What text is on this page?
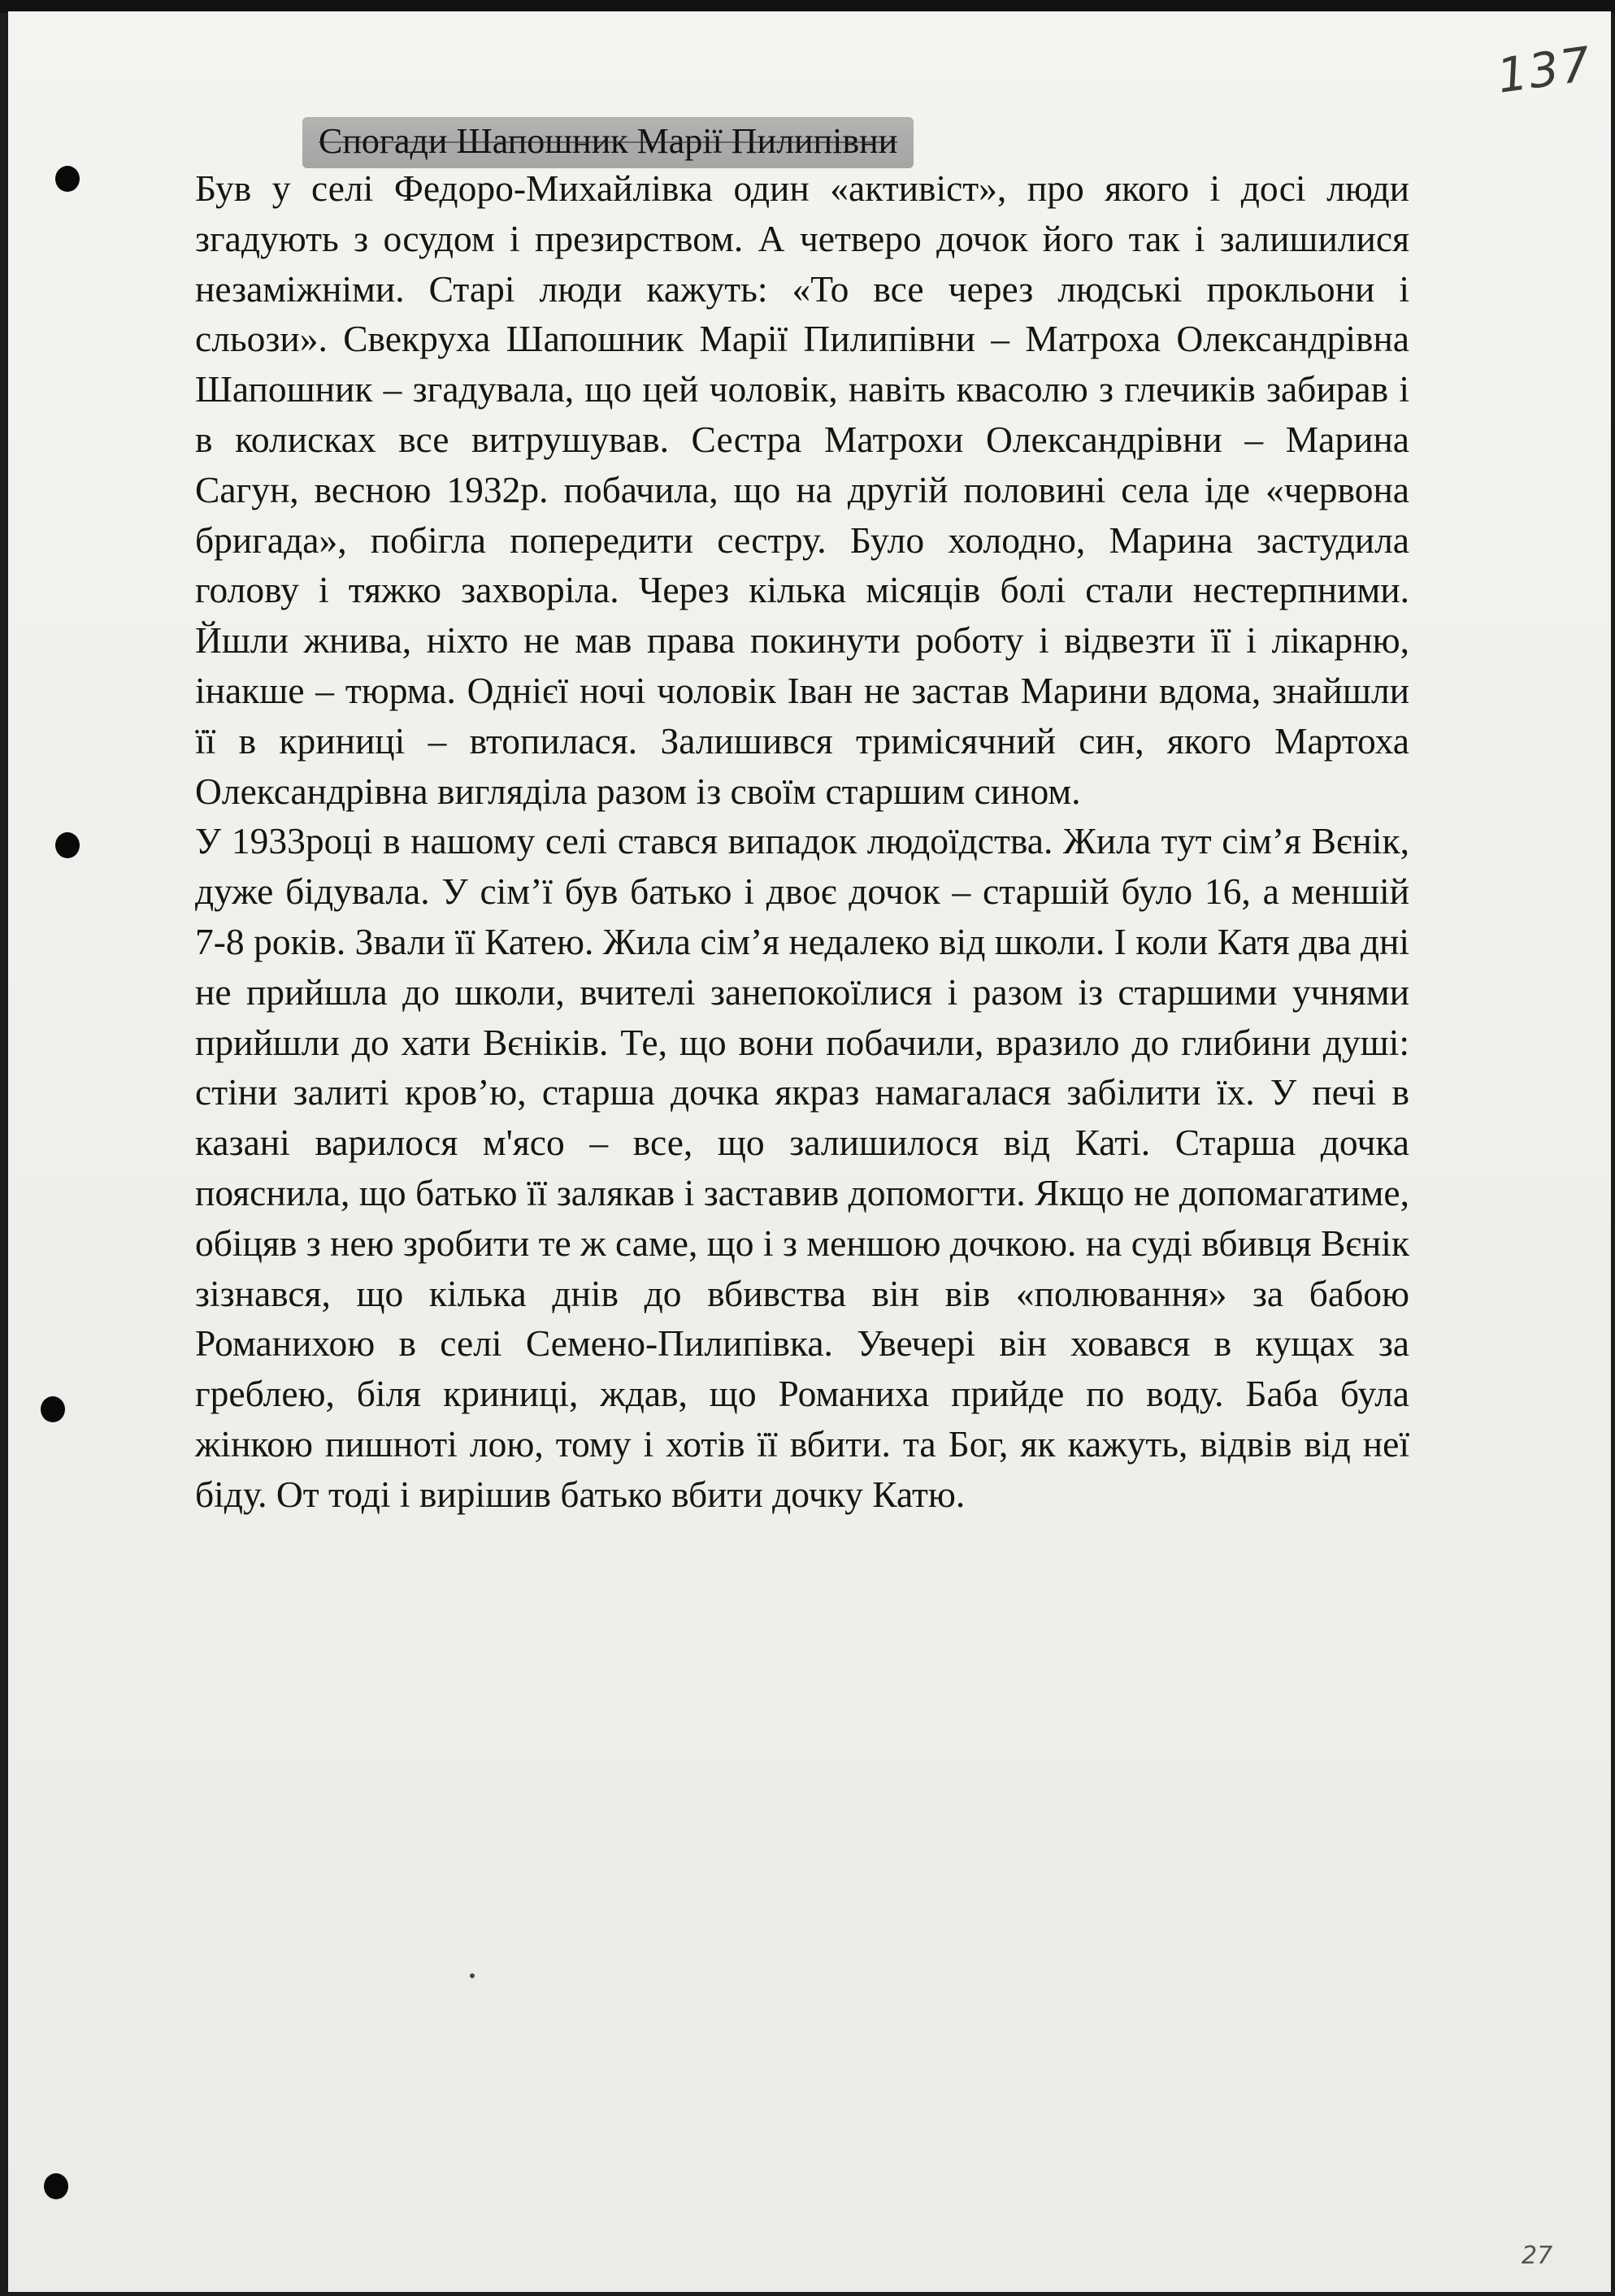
137
Спогади Шапошник Марії Пилипівни

Був у селі Федоро-Михайлівка один «активіст», про якого і досі люди згадують з осудом і презирством. А четверо дочок його так і залишилися незаміжніми. Старі люди кажуть: «То все через людські прокльони і сльози». Свекруха Шапошник Марії Пилипівни – Матроха Олександрівна Шапошник – згадувала, що цей чоловік, навіть квасолю з глечиків забирав і в колисках все витрушував. Сестра Матрохи Олександрівни – Марина Сагун, весною 1932р. побачила, що на другій половині села іде «червона бригада», побігла попередити сестру. Було холодно, Марина застудила голову і тяжко захворіла. Через кілька місяців болі стали нестерпними. Йшли жнива, ніхто не мав права покинути роботу і відвезти її і лікарню, інакше – тюрма. Однієї ночі чоловік Іван не застав Марини вдома, знайшли її в криниці – втопилася. Залишився тримісячний син, якого Мартоха Олександрівна вигляділа разом із своїм старшим сином.

У 1933році в нашому селі стався випадок людоїдства. Жила тут сім’я Вєнік, дуже бідувала. У сім’ї був батько і двоє дочок – старшій було 16, а меншій 7-8 років. Звали її Катею. Жила сім’я недалеко від школи. І коли Катя два дні не прийшла до школи, вчителі занепокоїлися і разом із старшими учнями прийшли до хати Вєніків. Те, що вони побачили, вразило до глибини душі: стіни залиті кров’ю, старша дочка якраз намагалася забілити їх. У печі в казані варилося м'ясо – все, що залишилося від Каті. Старша дочка пояснила, що батько її залякав і заставив допомогти. Якщо не допомагатиме, обіцяв з нею зробити те ж саме, що і з меншою дочкою. на суді вбивця Вєнік зізнався, що кілька днів до вбивства він вів «полювання» за бабою Романихою в селі Семено-Пилипівка. Увечері він ховався в кущах за греблею, біля криниці, ждав, що Романиха прийде по воду. Баба була жінкою пишноті лою, тому і хотів її вбити. та Бог, як кажуть, відвів від неї біду. От тоді і вирішив батько вбити дочку Катю.

27
